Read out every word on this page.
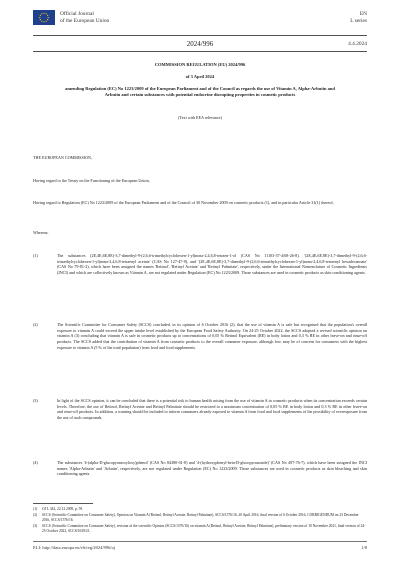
Official Journal
of the European Union
EN
L series
2024/996	4.4.2024
COMMISSION REGULATION (EU) 2024/996
of 3 April 2024
amending Regulation (EC) No 1223/2009 of the European Parliament and of the Council as regards the use of Vitamin A, Alpha-Arbutin and Arbutin and certain substances with potential endocrine disrupting properties in cosmetic products
(Text with EEA relevance)
THE EUROPEAN COMMISSION,
Having regard to the Treaty on the Functioning of the European Union,
Having regard to Regulation (EC) No 1223/2009 of the European Parliament and of the Council of 30 November 2009 on cosmetic products (1), and in particular Article 31(1) thereof,
Whereas:
(1)	The substances (2E,4E,6E,8E)-3,7-dimethyl-9-(2,6,6-trimethylcyclohexen-1-yl)nona-2,4,6,8-tetraen-1-ol (CAS No 11103-57-4/68-26-8), '(2E,4E,6E,8E)-3,7-dimethyl-9-(2,6,6-trimethylcyclohexen-1-yl)nona-2,4,6,8-tetraenyl acetate' (CAS No 127-47-9), and '(2E,4E,6E,8E)-3,7-dimethyl-9-(2,6,6-trimethylcyclohexen-1-yl)nona-2,4,6,8-tetraenyl hexadecanoate' (CAS No 79-81-2), which have been assigned the names 'Retinol', 'Retinyl Acetate' and 'Retinyl Palmitate', respectively, under the International Nomenclature of Cosmetic Ingredients (INCI) and which are collectively known as Vitamin A, are not regulated under Regulation (EC) No 1223/2009. Those substances are used in cosmetic products as skin conditioning agents.
(2)	The Scientific Committee for Consumer Safety (SCCS) concluded, in its opinion of 6 October 2016 (2), that the use of vitamin A is safe but recognised that the population's overall exposure to vitamin A could exceed the upper intake level established by the European Food Safety Authority. On 24-25 October 2022, the SCCS adopted a revised scientific opinion on vitamin A (3) concluding that vitamin A is safe in cosmetic products up to concentrations of 0,05 % Retinol Equivalent (RE) in body lotion and 0,3 % RE in other leave-on and rinse-off products. The SCCS added that the contribution of vitamin A from cosmetic products to the overall consumer exposure, although low, may be of concern for consumers with the highest exposure to vitamin A (5 % of the total population) from food and food supplements.
(3)	In light of the SCCS opinion, it can be concluded that there is a potential risk to human health arising from the use of vitamin A in cosmetic products when its concentration exceeds certain levels. Therefore, the use of Retinol, Retinyl Acetate and Retinyl Palmitate should be restricted to a maximum concentration of 0,05 % RE in body lotion and 0,3 % RE in other leave-on and rinse-off products. In addition, a warning should be included to inform consumers already exposed to vitamin A from food and food supplements of the possibility of overexposure from the use of such compounds.
(4)	The substances '4-(alpha-D-glucopyranosyloxy)phenol' (CAS No 84380-01-8) and '4-(hydroxyphenyl-beta-D-glucopyranoside)' (CAS No 497-76-7), which have been assigned the INCI names 'Alpha-Arbutin' and 'Arbutin', respectively, are not regulated under Regulation (EC) No 1223/2009. Those substances are used in cosmetic products as skin bleaching and skin conditioning agents.
(1) OJ L 342, 22.12.2009, p. 59.
(2) SCCS (Scientific Committee on Consumer Safety), Opinion on Vitamin A (Retinol, Retinyl Acetate, Retinyl Palmitate), SCCS/1576/16, 20 April 2016, final version of 6 October 2016, CORRIGENDUM on 23 December 2016, SCCS/1576/16.
(3) SCCS (Scientific Committee on Consumer Safety), revision of the scientific Opinion (SCCS/1576/16) on vitamin A (Retinol, Retinyl Acetate, Retinyl Palmitate), preliminary version of 10 November 2021, final version of 24-25 October 2022, SCCS/1639/21.
ELI: http://data.europa.eu/eli/reg/2024/996/oj	1/8
